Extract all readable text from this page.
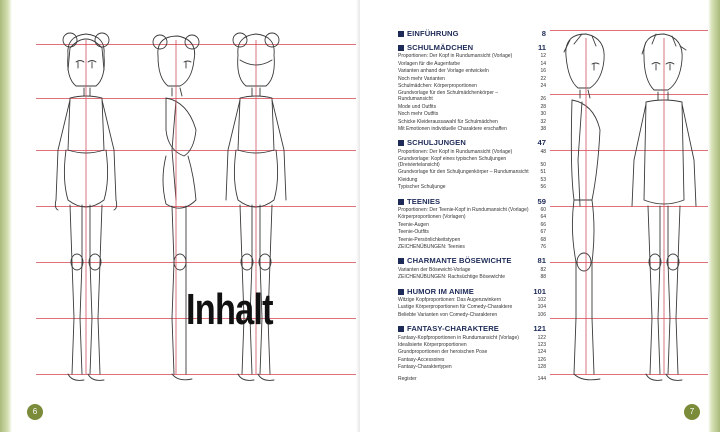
Inhalt
6
EINFÜHRUNG	8
SCHULMÄDCHEN	11
Proportionen: Der Kopf in Rundumansicht (Vorlage)	12
Vorlagen für die Augenfarbe	14
Varianten anhand der Vorlage entwickeln	16
Noch mehr Varianten	22
Schulmädchen: Körperproportionen	24
Grundvorlage für den Schulmädchenkörper – Rundumansicht	26
Mode und Outfits	28
Noch mehr Outfits	30
Schicke Kleideraussawahl für Schulmädchen	32
Mit Emotionen individuelle Charaktere erschaffen	38
SCHULJUNGEN	47
Proportionen: Der Kopf in Rundumansicht (Vorlage)	48
Grundvorlage: Kopf eines typischen Schuljungen (Dreiviertelansicht)	50
Grundvorlage für den Schuljungenkörper – Rundumansicht	51
Kleidung	53
Typischer Schuljunge	56
TEENIES	59
Proportionen: Der Teenie-Kopf in Rundumansicht (Vorlage)	60
Körperproportionen (Vorlagen)	64
Teenie-Augen	66
Teenie-Outfits	67
Teenie-Persönlichkeitstypen	68
ZEICHENÜBUNGEN: Teenies	76
CHARMANTE BÖSEWICHTE	81
Varianten der Bösewicht-Vorlage	82
ZEICHENÜBUNGEN: Rachsüchtige Bösewichte	88
HUMOR IM ANIME	101
Witzige Kopfproportionen: Das Augenzwinkern	102
Lustige Körperproportionen für Comedy-Charaktere	104
Beliebte Varianten von Comedy-Charakteren	106
FANTASY-CHARAKTERE	121
Fantasy-Kopfproportionen in Rundumansicht (Vorlage)	122
Idealisierte Körperproportionen	123
Grundproportionen der heroischen Pose	124
Fantasy-Accessoires	126
Fantasy-Charaktertypen	128
Register	144
7
